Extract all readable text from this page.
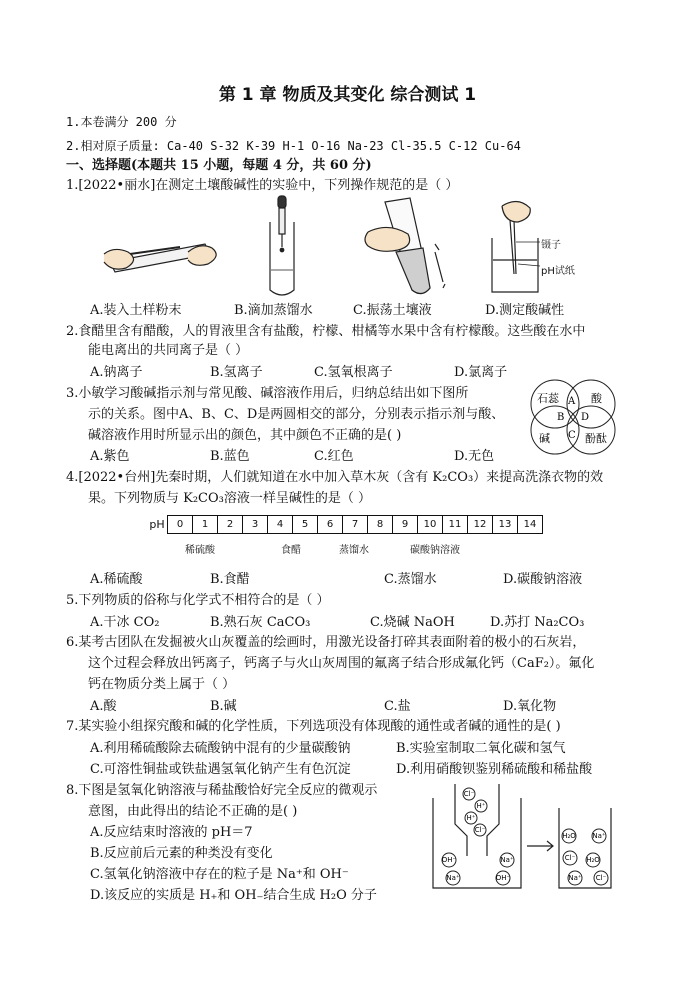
第 1 章 物质及其变化 综合测试 1
1.本卷满分 200 分
2.相对原子质量: Ca-40 S-32 K-39 H-1 O-16 Na-23 Cl-35.5 C-12 Cu-64
一、选择题(本题共 15 小题，每题 4 分，共 60 分)
1.[2022•丽水]在测定土壤酸碱性的实验中，下列操作规范的是（ ）
镊子
pH试纸
A.装入土样粉末	B.滴加蒸馏水	C.振荡土壤液	D.测定酸碱性
2.食醋里含有醋酸，人的胃液里含有盐酸，柠檬、柑橘等水果中含有柠檬酸。这些酸在水中
能电离出的共同离子是（ ）
A.钠离子	B.氢离子	C.氢氧根离子	D.氯离子
3.小敏学习酸碱指示剂与常见酸、碱溶液作用后，归纳总结出如下图所
示的关系。图中A、B、C、D是两圆相交的部分，分别表示指示剂与酸、
碱溶液作用时所显示出的颜色，其中颜色不正确的是( )
A.紫色	B.蓝色	C.红色	D.无色
石蕊	酸
碱	酚酞
A
B
C
D
4.[2022•台州]先秦时期，人们就知道在水中加入草木灰（含有 K₂CO₃）来提高洗涤衣物的效
果。下列物质与 K₂CO₃溶液一样呈碱性的是（ ）
pH	0	1	2	3	4	5	6	7	8	9	10	11	12	13	14
稀硫酸	食醋	蒸馏水	碳酸钠溶液
A.稀硫酸	B.食醋	C.蒸馏水	D.碳酸钠溶液
5.下列物质的俗称与化学式不相符合的是（ ）
A.干冰 CO₂	B.熟石灰 CaCO₃	C.烧碱 NaOH	D.苏打 Na₂CO₃
6.某考古团队在发掘被火山灰覆盖的绘画时，用激光设备打碎其表面附着的极小的石灰岩，
这个过程会释放出钙离子，钙离子与火山灰周围的氟离子结合形成氟化钙（CaF₂）。氟化
钙在物质分类上属于（ ）
A.酸	B.碱	C.盐	D.氧化物
7.某实验小组探究酸和碱的化学性质，下列选项没有体现酸的通性或者碱的通性的是( )
A.利用稀硫酸除去硫酸钠中混有的少量碳酸钠	B.实验室制取二氧化碳和氢气
C.可溶性铜盐或铁盐遇氢氧化钠产生有色沉淀	D.利用硝酸钡鉴别稀硫酸和稀盐酸
8.下图是氢氧化钠溶液与稀盐酸恰好完全反应的微观示
意图，由此得出的结论不正确的是( )
A.反应结束时溶液的 pH＝7
B.反应前后元素的种类没有变化
C.氢氧化钠溶液中存在的粒子是 Na⁺和 OH⁻
D.该反应的实质是 H₊和 OH₋结合生成 H₂O 分子
Cl⁻
H⁺
H⁺
Cl⁻
OH⁻	Na⁺
Na⁺	OH⁻
H₂O Na⁺
Cl⁻ H₂O
Na⁺ Cl⁻
